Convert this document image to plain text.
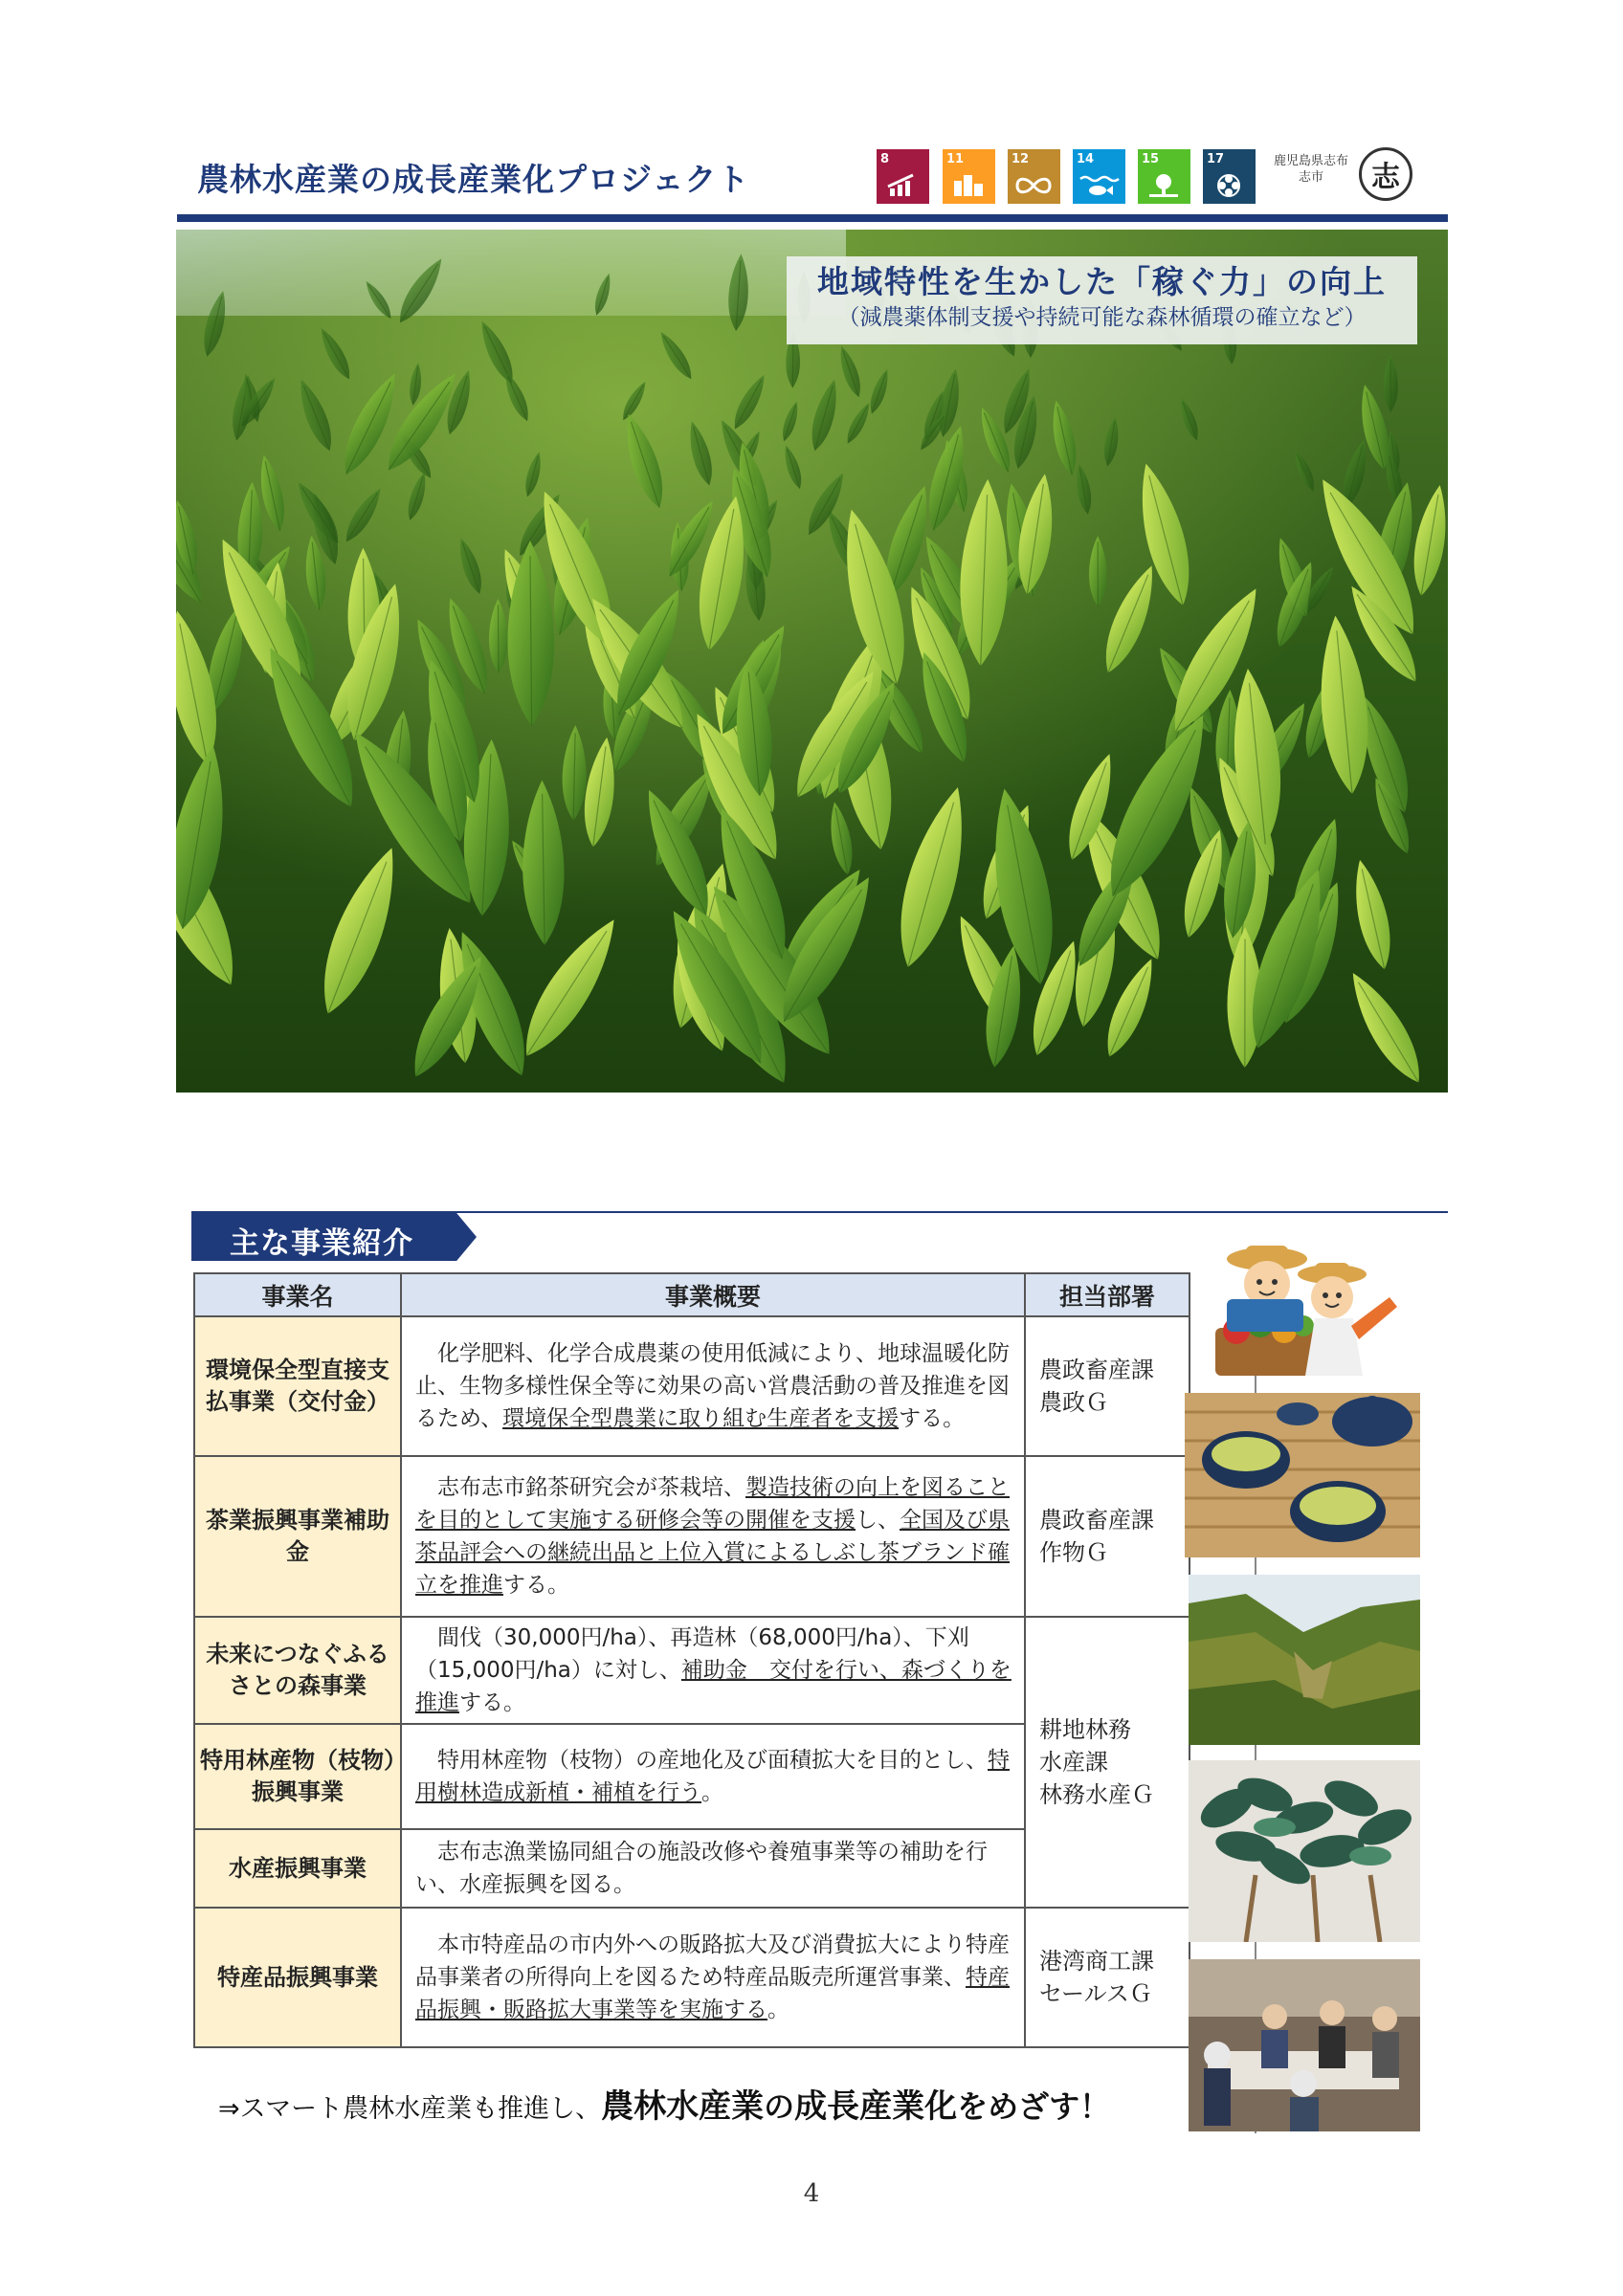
農林水産業の成長産業化プロジェクト
8	11	12	14	15	17	鹿児島県志布志市	志
地域特性を生かした「稼ぐ力」の向上
（減農薬体制支援や持続可能な森林循環の確立など）
主な事業紹介
事業名	事業概要	担当部署
環境保全型直接支払事業（交付金）	　化学肥料、化学合成農薬の使用低減により、地球温暖化防止、生物多様性保全等に効果の高い営農活動の普及推進を図るため、環境保全型農業に取り組む生産者を支援する。	農政畜産課
農政Ｇ

茶業振興事業補助金	　志布志市銘茶研究会が茶栽培、製造技術の向上を図ることを目的として実施する研修会等の開催を支援し、全国及び県茶品評会への継続出品と上位入賞によるしぶし茶ブランド確立を推進する。	農政畜産課
作物Ｇ

未来につなぐふるさとの森事業	　間伐（30,000円/ha）、再造林（68,000円/ha）、下刈（15,000円/ha）に対し、補助金　交付を行い、森づくりを推進する。	耕地林務
水産課
林務水産Ｇ

特用林産物（枝物）振興事業	　特用林産物（枝物）の産地化及び面積拡大を目的とし、特用樹林造成新植・補植を行う。	
水産振興事業	　志布志漁業協同組合の施設改修や養殖事業等の補助を行い、水産振興を図る。	
特産品振興事業	　本市特産品の市内外への販路拡大及び消費拡大により特産品事業者の所得向上を図るため特産品販売所運営事業、特産品振興・販路拡大事業等を実施する。	港湾商工課
セールスＧ
⇒スマート農林水産業も推進し、農林水産業の成長産業化をめざす！
4
